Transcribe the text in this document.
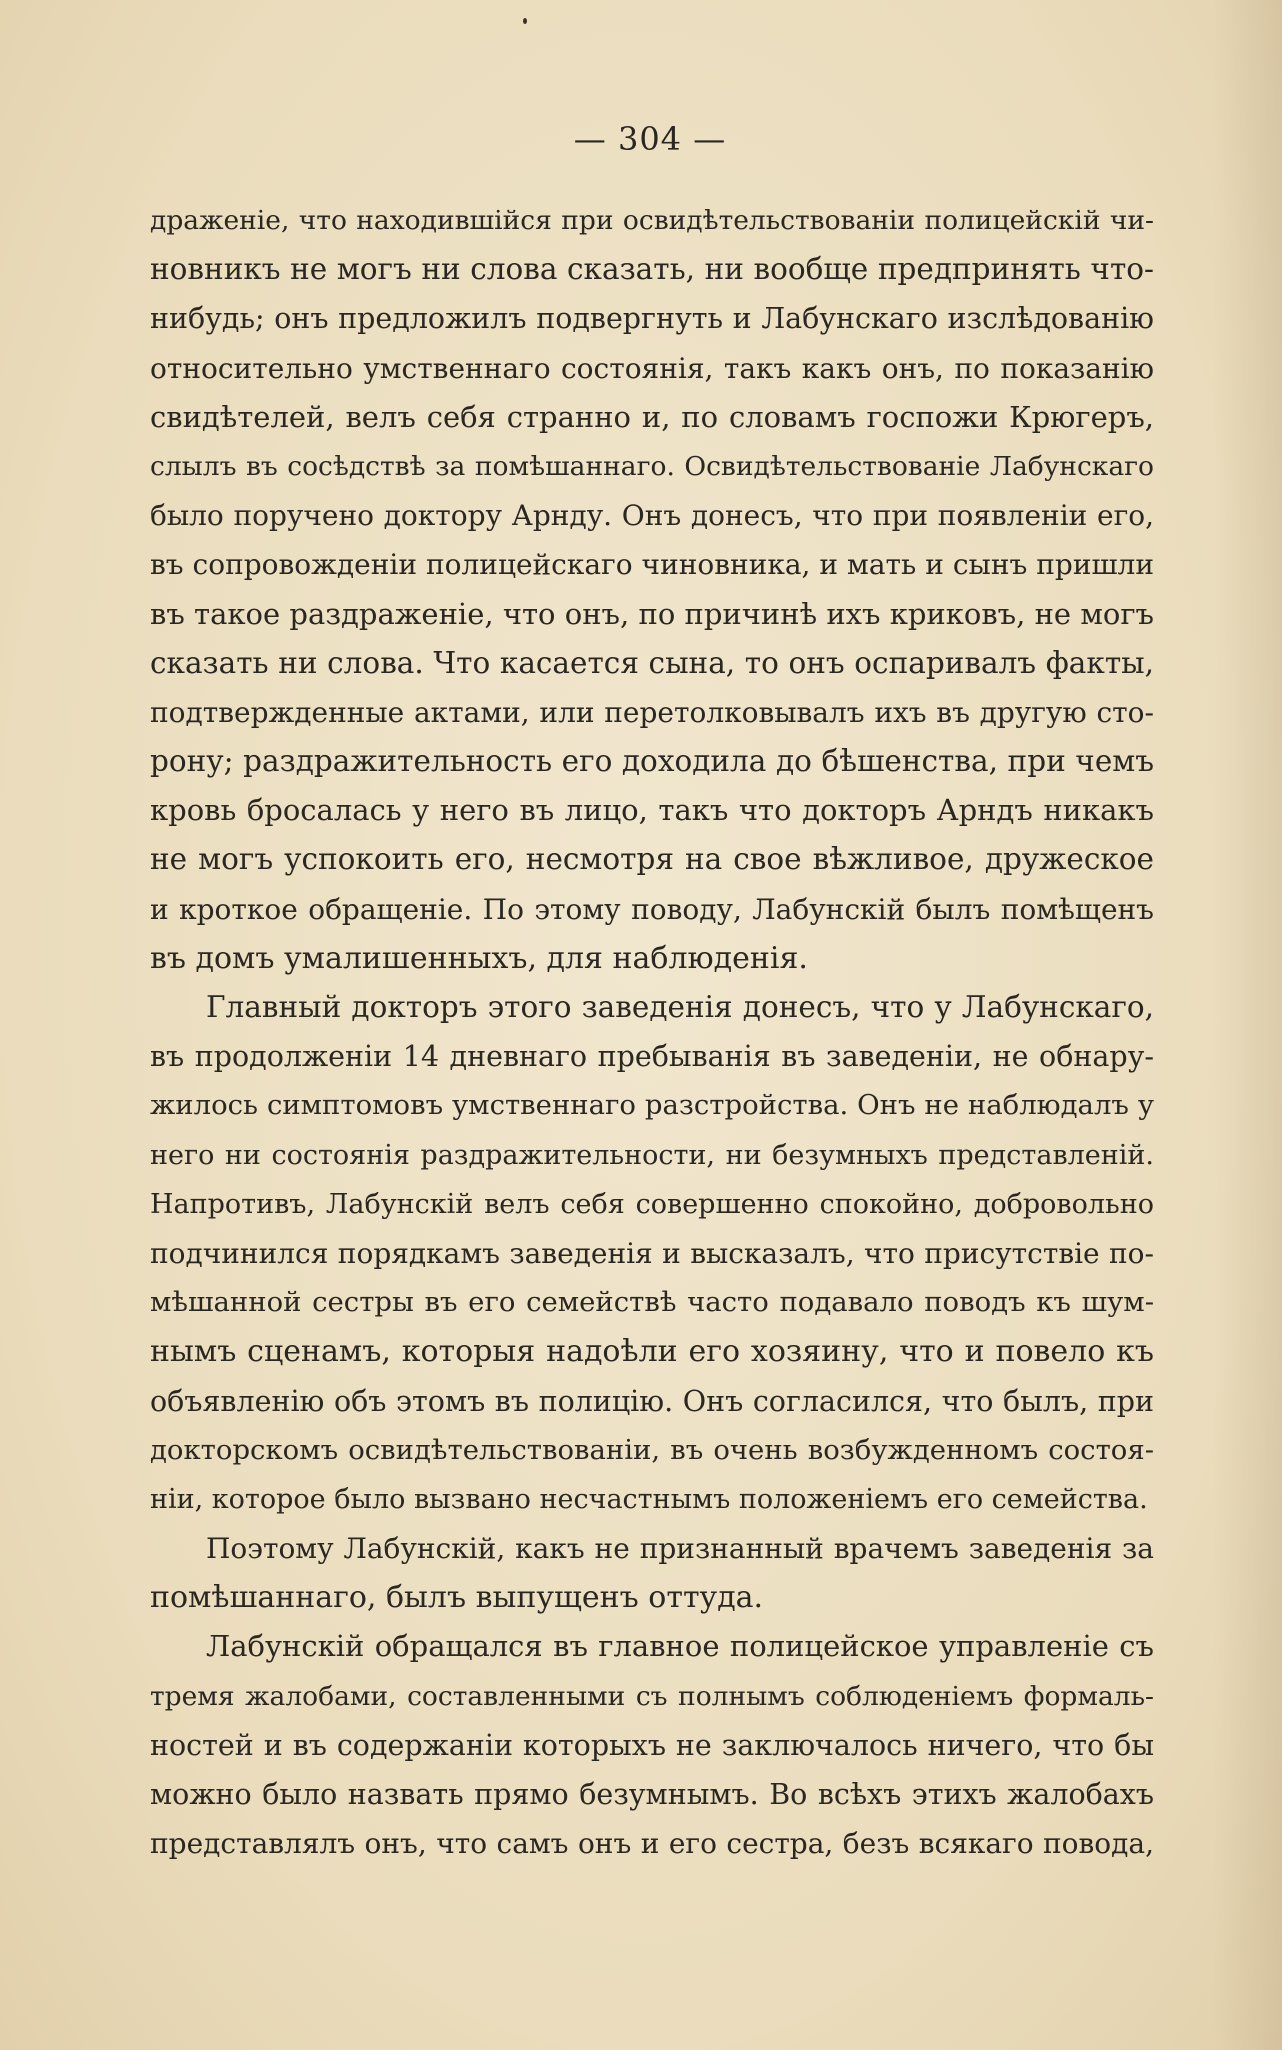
— 304 —
драженіе, что находившійся при освидѣтельствованіи полицейскій чи-
новникъ не могъ ни слова сказать, ни вообще предпринять что-
нибудь; онъ предложилъ подвергнуть и Лабунскаго изслѣдованію
относительно умственнаго состоянія, такъ какъ онъ, по показанію
свидѣтелей, велъ себя странно и, по словамъ госпожи Крюгеръ,
слылъ въ сосѣдствѣ за помѣшаннаго. Освидѣтельствованіе Лабунскаго
было поручено доктору Арнду. Онъ донесъ, что при появленіи его,
въ сопровожденіи полицейскаго чиновника, и мать и сынъ пришли
въ такое раздраженіе, что онъ, по причинѣ ихъ криковъ, не могъ
сказать ни слова. Что касается сына, то онъ оспаривалъ факты,
подтвержденные актами, или перетолковывалъ ихъ въ другую сто-
рону; раздражительность его доходила до бѣшенства, при чемъ
кровь бросалась у него въ лицо, такъ что докторъ Арндъ никакъ
не могъ успокоить его, несмотря на свое вѣжливое, дружеское
и кроткое обращеніе. По этому поводу, Лабунскій былъ помѣщенъ
въ домъ умалишенныхъ, для наблюденія.
Главный докторъ этого заведенія донесъ, что у Лабунскаго,
въ продолженіи 14 дневнаго пребыванія въ заведеніи, не обнару-
жилось симптомовъ умственнаго разстройства. Онъ не наблюдалъ у
него ни состоянія раздражительности, ни безумныхъ представленій.
Напротивъ, Лабунскій велъ себя совершенно спокойно, добровольно
подчинился порядкамъ заведенія и высказалъ, что присутствіе по-
мѣшанной сестры въ его семействѣ часто подавало поводъ къ шум-
нымъ сценамъ, которыя надоѣли его хозяину, что и повело къ
объявленію объ этомъ въ полицію. Онъ согласился, что былъ, при
докторскомъ освидѣтельствованіи, въ очень возбужденномъ состоя-
ніи, которое было вызвано несчастнымъ положеніемъ его семейства.
Поэтому Лабунскій, какъ не признанный врачемъ заведенія за
помѣшаннаго, былъ выпущенъ оттуда.
Лабунскій обращался въ главное полицейское управленіе съ
тремя жалобами, составленными съ полнымъ соблюденіемъ формаль-
ностей и въ содержаніи которыхъ не заключалось ничего, что бы
можно было назвать прямо безумнымъ. Во всѣхъ этихъ жалобахъ
представлялъ онъ, что самъ онъ и его сестра, безъ всякаго повода,
